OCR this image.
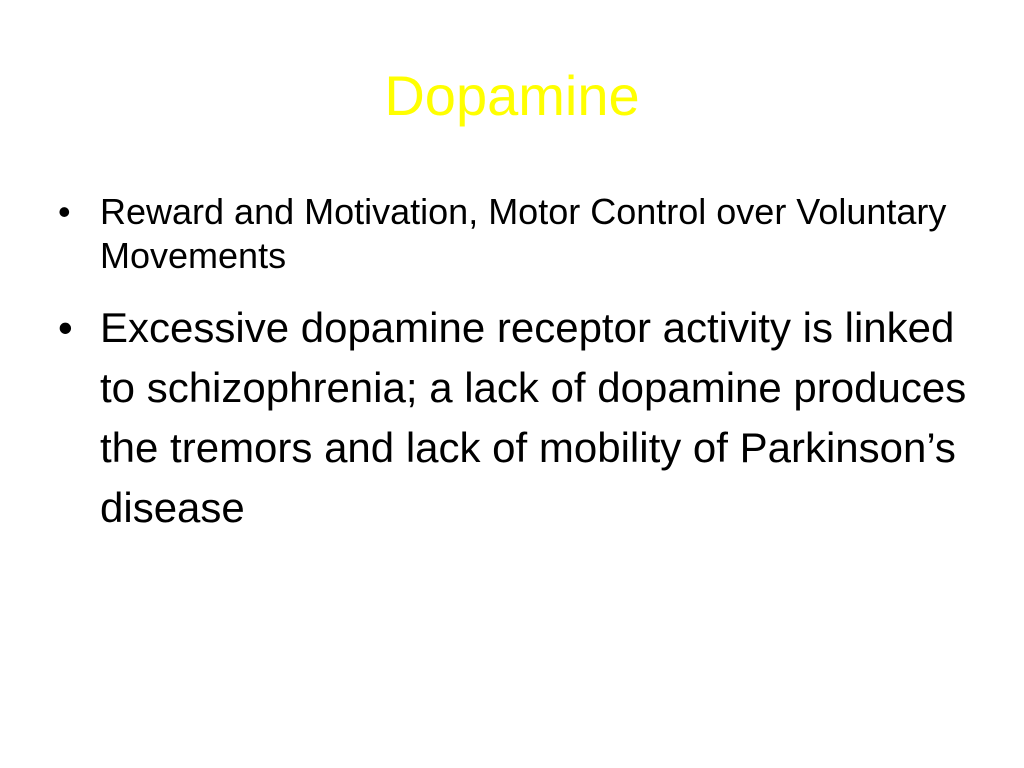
Dopamine
• Reward and Motivation, Motor Control over Voluntary Movements
• Excessive dopamine receptor activity is linked to schizophrenia; a lack of dopamine produces the tremors and lack of mobility of Parkinson’s disease
